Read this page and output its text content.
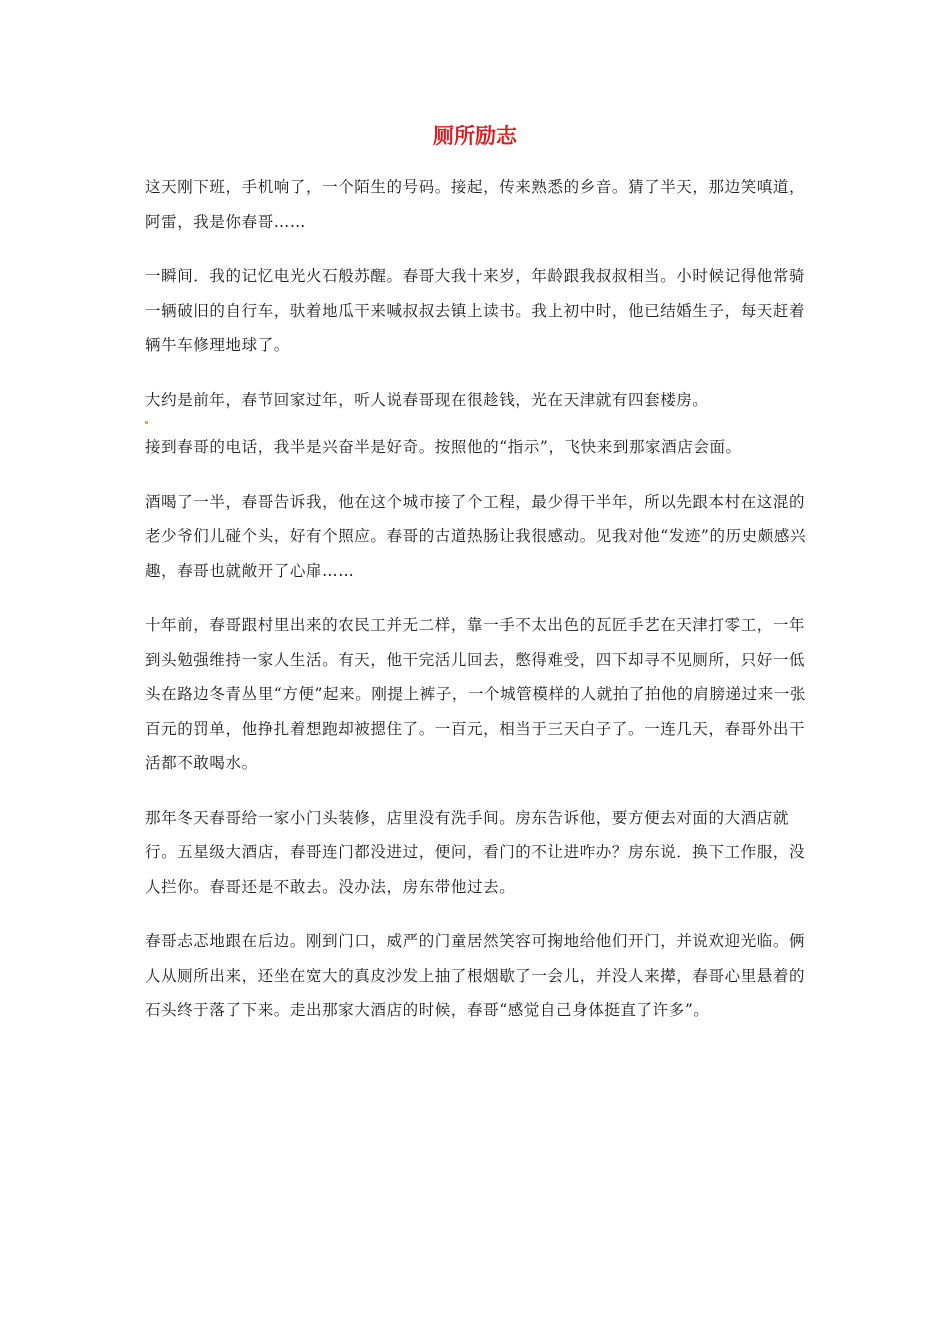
厕所励志

这天刚下班，手机响了，一个陌生的号码。接起，传来熟悉的乡音。猜了半天，那边笑嗔道，阿雷，我是你春哥……

一瞬间．我的记忆电光火石般苏醒。春哥大我十来岁，年龄跟我叔叔相当。小时候记得他常骑一辆破旧的自行车，驮着地瓜干来喊叔叔去镇上读书。我上初中时，他已结婚生子，每天赶着辆牛车修理地球了。

大约是前年，春节回家过年，听人说春哥现在很趁钱，光在天津就有四套楼房。

接到春哥的电话，我半是兴奋半是好奇。按照他的“指示”，飞快来到那家酒店会面。

酒喝了一半，春哥告诉我，他在这个城市接了个工程，最少得干半年，所以先跟本村在这混的老少爷们儿碰个头，好有个照应。春哥的古道热肠让我很感动。见我对他“发迹”的历史颇感兴趣，春哥也就敞开了心扉……

十年前，春哥跟村里出来的农民工并无二样，靠一手不太出色的瓦匠手艺在天津打零工，一年到头勉强维持一家人生活。有天，他干完活儿回去，憋得难受，四下却寻不见厕所，只好一低头在路边冬青丛里“方便”起来。刚提上裤子，一个城管模样的人就拍了拍他的肩膀递过来一张百元的罚单，他挣扎着想跑却被摁住了。一百元，相当于三天白子了。一连几天，春哥外出干活都不敢喝水。

那年冬天春哥给一家小门头装修，店里没有洗手间。房东告诉他，要方便去对面的大酒店就行。五星级大酒店，春哥连门都没进过，便问，看门的不让进咋办？房东说．换下工作服，没人拦你。春哥还是不敢去。没办法，房东带他过去。

春哥忐忑地跟在后边。刚到门口，威严的门童居然笑容可掬地给他们开门，并说欢迎光临。俩人从厕所出来，还坐在宽大的真皮沙发上抽了根烟歇了一会儿，并没人来撵，春哥心里悬着的石头终于落了下来。走出那家大酒店的时候，春哥“感觉自己身体挺直了许多”。
